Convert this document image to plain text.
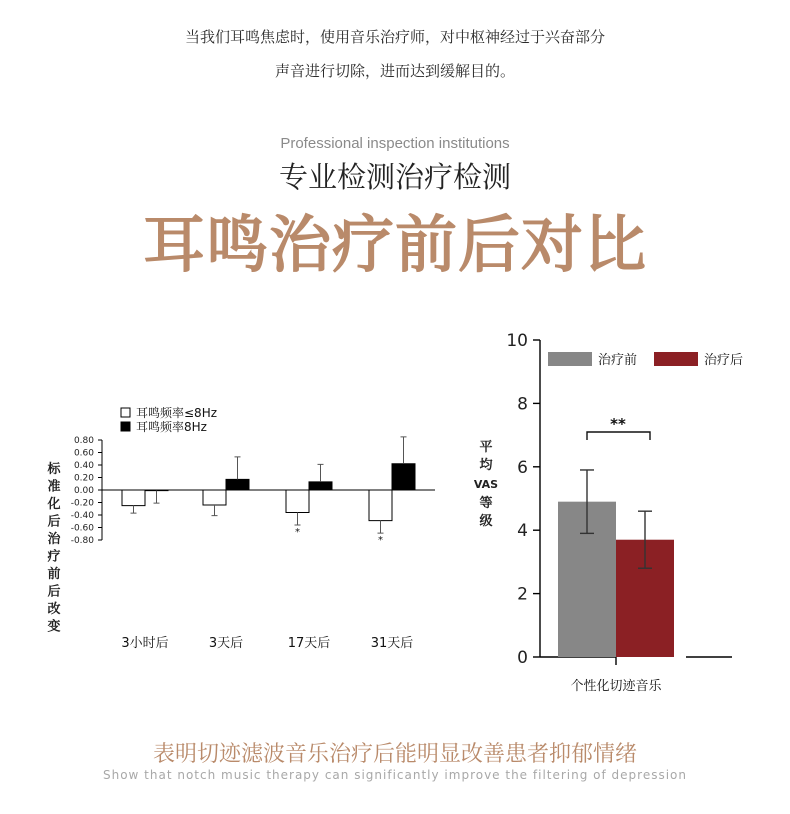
当我们耳鸣焦虑时，使用音乐治疗师，对中枢神经过于兴奋部分
声音进行切除，进而达到缓解目的。
Professional inspection institutions
专业检测治疗检测
耳鸣治疗前后对比
0.80
0.60
0.40
0.20
0.00
-0.20
-0.40
-0.60
-0.80
标
准
化
后
治
疗
前
后
改
变
3小时后	3天后	17天后	31天后
*
*
耳鸣频率≤8Hz
耳鸣频率8Hz
0
2
4
6
8
10
平
均
VAS
等
级
**
个性化切迹音乐
治疗前	治疗后
表明切迹滤波音乐治疗后能明显改善患者抑郁情绪
Show that notch music therapy can significantly improve the filtering of depression
